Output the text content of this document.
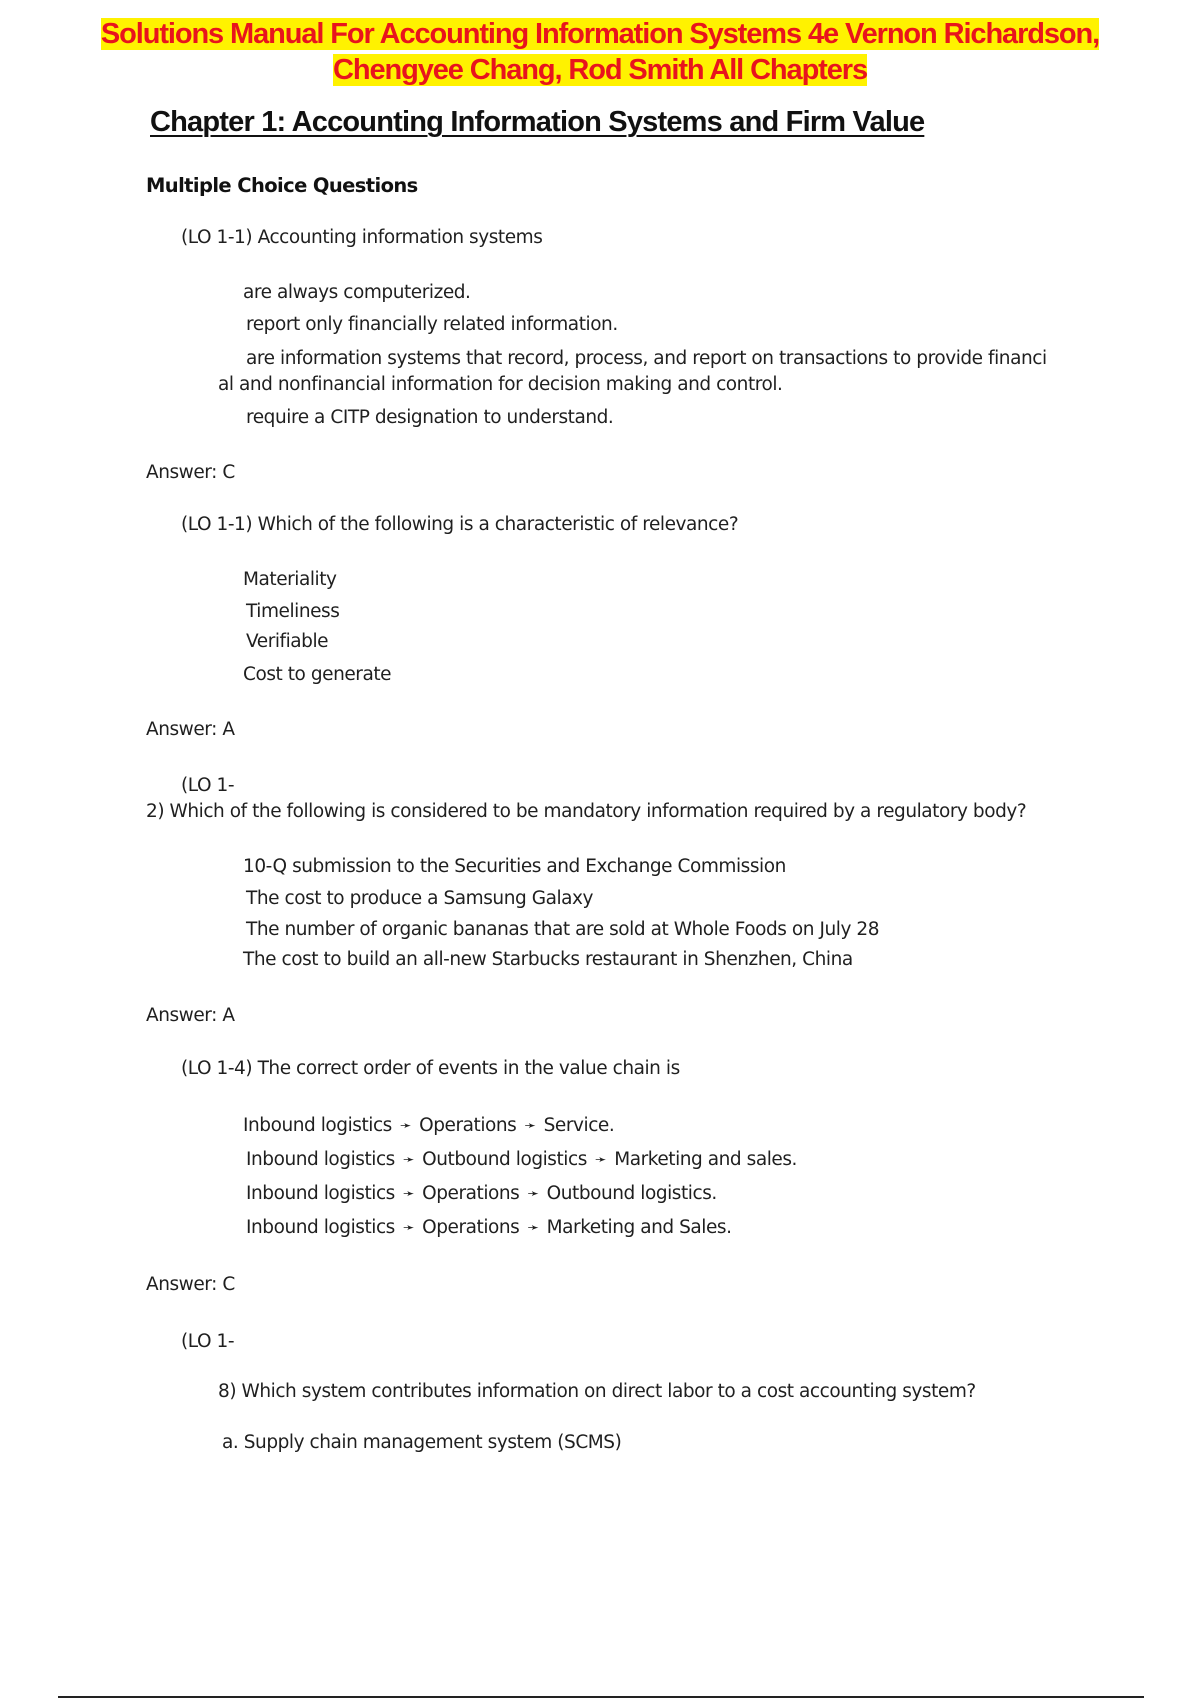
Solutions Manual For Accounting Information Systems 4e Vernon Richardson,
Chengyee Chang, Rod Smith All Chapters
Chapter 1: Accounting Information Systems and Firm Value
Multiple Choice Questions
(LO 1-1) Accounting information systems
are always computerized.
report only financially related information.
are information systems that record, process, and report on transactions to provide financi
al and nonfinancial information for decision making and control.
require a CITP designation to understand.
Answer: C
(LO 1-1) Which of the following is a characteristic of relevance?
Materiality
Timeliness
Verifiable
Cost to generate
Answer: A
(LO 1-
2) Which of the following is considered to be mandatory information required by a regulatory body?
10-Q submission to the Securities and Exchange Commission
The cost to produce a Samsung Galaxy
The number of organic bananas that are sold at Whole Foods on July 28
The cost to build an all-new Starbucks restaurant in Shenzhen, China
Answer: A
(LO 1-4) The correct order of events in the value chain is
Inbound logistics ➛ Operations ➛ Service.
Inbound logistics ➛ Outbound logistics ➛ Marketing and sales.
Inbound logistics ➛ Operations ➛ Outbound logistics.
Inbound logistics ➛ Operations ➛ Marketing and Sales.
Answer: C
(LO 1-
8) Which system contributes information on direct labor to a cost accounting system?
a. Supply chain management system (SCMS)
